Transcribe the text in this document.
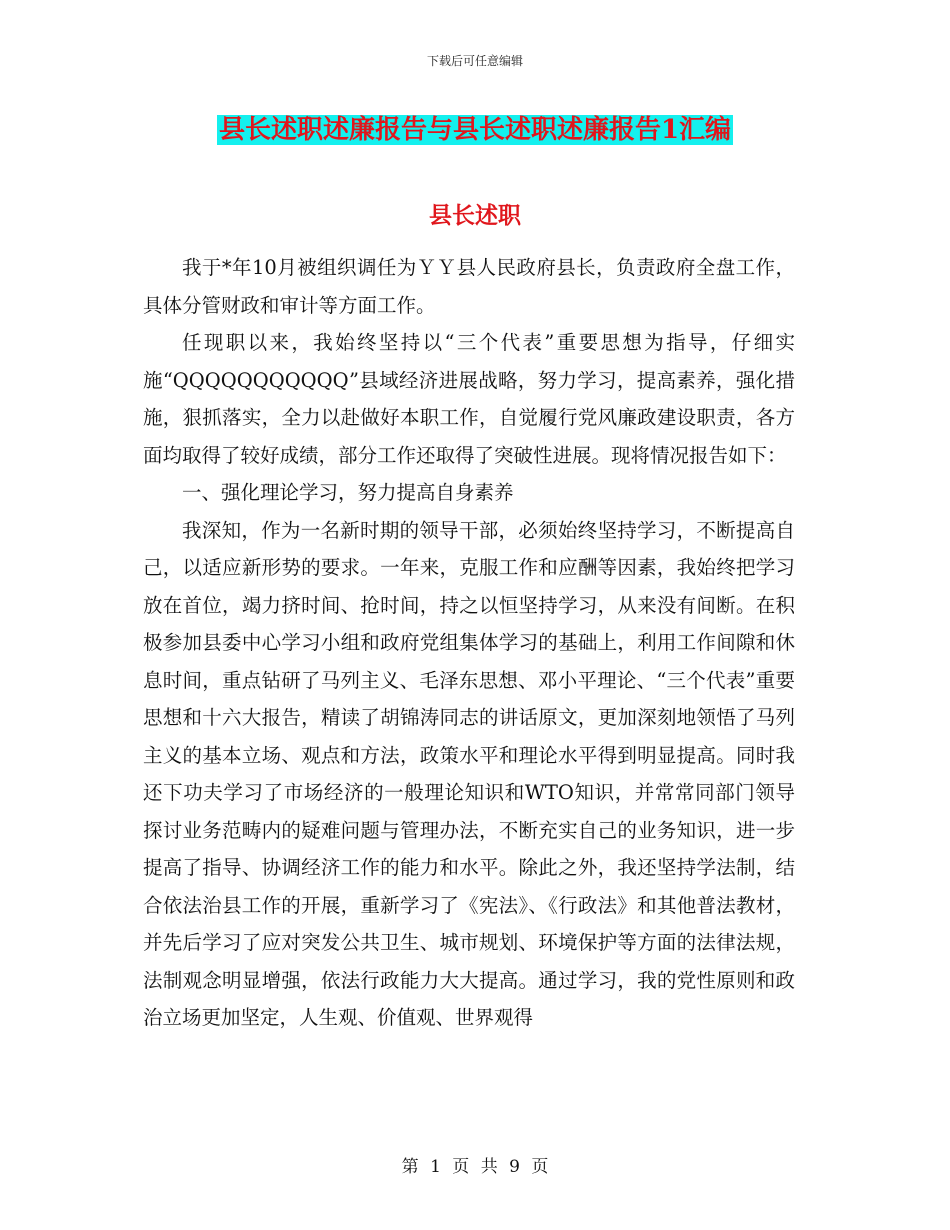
下载后可任意编辑
县长述职述廉报告与县长述职述廉报告1汇编
县长述职

我于*年10月被组织调任为ＹＹ县人民政府县长，负责政府全盘工作，具体分管财政和审计等方面工作。

任现职以来，我始终坚持以“三个代表”重要思想为指导，仔细实施“QQQQQQQQQQQ”县域经济进展战略，努力学习，提高素养，强化措施，狠抓落实，全力以赴做好本职工作，自觉履行党风廉政建设职责，各方面均取得了较好成绩，部分工作还取得了突破性进展。现将情况报告如下：

一、强化理论学习，努力提高自身素养

我深知，作为一名新时期的领导干部，必须始终坚持学习，不断提高自己，以适应新形势的要求。一年来，克服工作和应酬等因素，我始终把学习放在首位，竭力挤时间、抢时间，持之以恒坚持学习，从来没有间断。在积极参加县委中心学习小组和政府党组集体学习的基础上，利用工作间隙和休息时间，重点钻研了马列主义、毛泽东思想、邓小平理论、“三个代表”重要思想和十六大报告，精读了胡锦涛同志的讲话原文，更加深刻地领悟了马列主义的基本立场、观点和方法，政策水平和理论水平得到明显提高。同时我还下功夫学习了市场经济的一般理论知识和WTO知识，并常常同部门领导探讨业务范畴内的疑难问题与管理办法，不断充实自己的业务知识，进一步提高了指导、协调经济工作的能力和水平。除此之外，我还坚持学法制，结合依法治县工作的开展，重新学习了《宪法》、《行政法》和其他普法教材，并先后学习了应对突发公共卫生、城市规划、环境保护等方面的法律法规，法制观念明显增强，依法行政能力大大提高。通过学习，我的党性原则和政治立场更加坚定，人生观、价值观、世界观得

第 1 页 共 9 页
